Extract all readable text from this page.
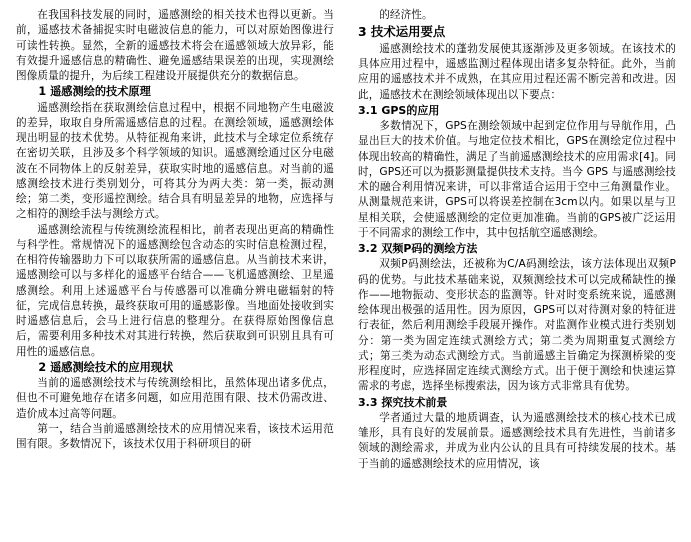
在我国科技发展的同时，遥感测绘的相关技术也得以更新。当前，遥感技术备捕捉实时电磁波信息的能力，可以对原始图像进行可读性转换。显然，全新的遥感技术将会在遥感领域大放异彩，能有效提升遥感信息的精确性、避免遥感结果误差的出现，实现测绘图像质量的提升，为后续工程建设开展提供充分的数据信息。

1 遥感测绘的技术原理

遥感测绘指在获取测绘信息过程中，根据不同地物产生电磁波的差异，取取自身所需遥感信息的过程。在测绘领域，遥感测绘体现出明显的技术优势。从特征视角来讲，此技术与全球定位系统存在密切关联，且涉及多个科学领域的知识。遥感测绘通过区分电磁波在不同物体上的反射差异，获取实时地的遥感信息。对当前的遥感测绘技术进行类别划分，可将其分为两大类：第一类，振动测绘；第二类，变形遥控测绘。结合具有明显差异的地物，应选择与之相符的测绘手法与测绘方式。

遥感测绘流程与传统测绘流程相比，前者表现出更高的精确性与科学性。常规情况下的遥感测绘包含动态的实时信息检测过程，在相符传输器助力下可以取获所需的遥感信息。从当前技术来讲，遥感测绘可以与多样化的遥感平台结合——飞机遥感测绘、卫星遥感测绘。利用上述遥感平台与传感器可以准确分辨电磁辐射的特征，完成信息转换，最终获取可用的遥感影像。当地面处接收到实时遥感信息后，会马上进行信息的整理分。在获得原始图像信息后，需要利用多种技术对其进行转换，然后获取到可识别且具有可用性的遥感信息。

2 遥感测绘技术的应用现状

当前的遥感测绘技术与传统测绘相比，虽然体现出诸多优点，但也不可避免地存在诸多问题，如应用范围有限、技术仍需改进、造价成本过高等问题。

第一，结合当前遥感测绘技术的应用情况来看，该技术运用范围有限。多数情况下，该技术仅用于科研项目的研

的经济性。

3 技术运用要点

遥感测绘技术的蓬勃发展使其逐渐涉及更多领域。在该技术的具体应用过程中，遥感监测过程体现出诸多复杂特征。此外，当前应用的遥感技术并不成熟，在其应用过程还需不断完善和改进。因此，遥感技术在测绘领域体现出以下要点：

3.1 GPS的应用

多数情况下，GPS在测绘领域中起到定位作用与导航作用，凸显出巨大的技术价值。与地定位技术相比，GPS在测绘定位过程中体现出较高的精确性，满足了当前遥感测绘技术的应用需求[4]。同时，GPS还可以为摄影测量提供技术支持。当今 GPS 与遥感测绘技术的融合利用情况来讲，可以非常适合运用于空中三角测量作业。从测量规范来讲，GPS可以将误差控制在3cm以内。如果以星与卫星相关联，会使遥感测绘的定位更加准确。当前的GPS被广泛运用于不同需求的测绘工作中，其中包括航空遥感测绘。

3.2 双频P码的测绘方法

双频P码测绘法，还被称为C/A码测绘法，该方法体现出双频P码的优势。与此技术基础来说，双频测绘技术可以完成稀缺性的操作——地物振动、变形状态的监测等。针对时变系统来说，遥感测绘体现出极强的适用性。因为原因，GPS可以对待测对象的特征进行表征，然后利用测绘手段展开操作。对监测作业模式进行类别划分：第一类为固定连续式测绘方式；第二类为周期重复式测绘方式；第三类为动态式测绘方式。当前遥感主旨确定为探测桥梁的变形程度时，应选择固定连续式测绘方式。出于便于测绘和快速运算需求的考虑，选择坐标搜索法，因为该方式非常具有优势。

3.3 探究技术前景

学者通过大量的地质调查，认为遥感测绘技术的核心技术已成雏形，具有良好的发展前景。遥感测绘技术具有先进性，当前诸多领域的测绘需求，并成为业内公认的且具有可持续发展的技术。基于当前的遥感测绘技术的应用情况，该
